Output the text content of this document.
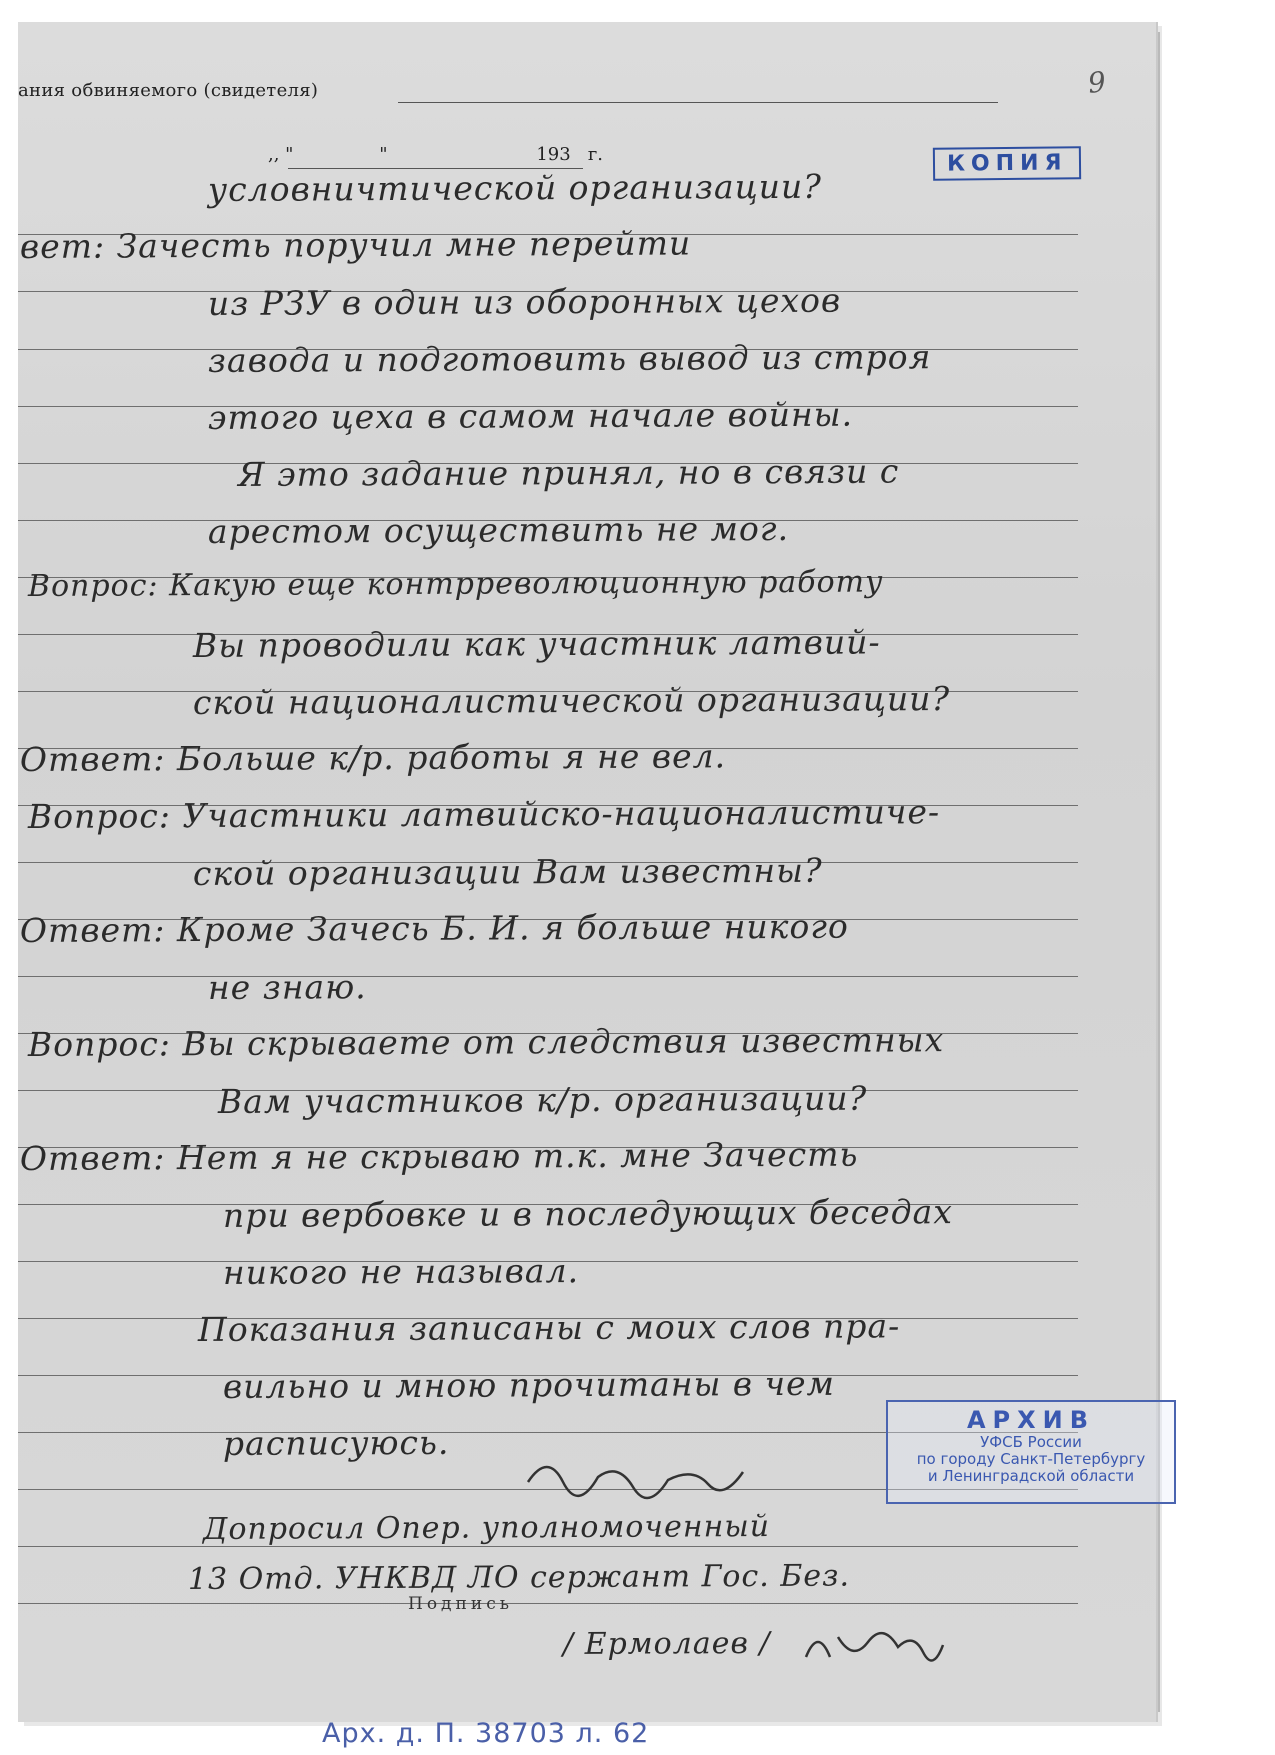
9
ания обвиняемого (свидетеля)
,, "               "                          193   г.	КОПИЯ
условничтической организации?
вет: Зачесть поручил мне перейти
из РЗУ в один из оборонных цехов
завода и подготовить вывод из строя
этого цеха в самом начале войны.
Я это задание принял, но в связи с
арестом осуществить не мог.
Вопрос: Какую еще контрреволюционную работу
Вы проводили как участник латвий-
ской националистической организации?
Ответ: Больше к/р. работы я не вел.
Вопрос: Участники латвийско-националистиче-
ской организации Вам известны?
Ответ: Кроме Зачесь Б. И. я больше никого
не знаю.
Вопрос: Вы скрываете от следствия известных
Вам участников к/р. организации?
Ответ: Нет я не скрываю т.к. мне Зачесть
при вербовке и в последующих беседах
никого не называл.
Показания записаны с моих слов пра-
вильно и мною прочитаны в чем
расписуюсь.
Допросил Опер. уполномоченный
13 Отд. УНКВД ЛО сержант Гос. Без.
Подпись
/ Ермолаев /
АРХИВ
УФСБ России
по городу Санкт-Петербургу
и Ленинградской области
Арх. д. П. 38703 л. 62
